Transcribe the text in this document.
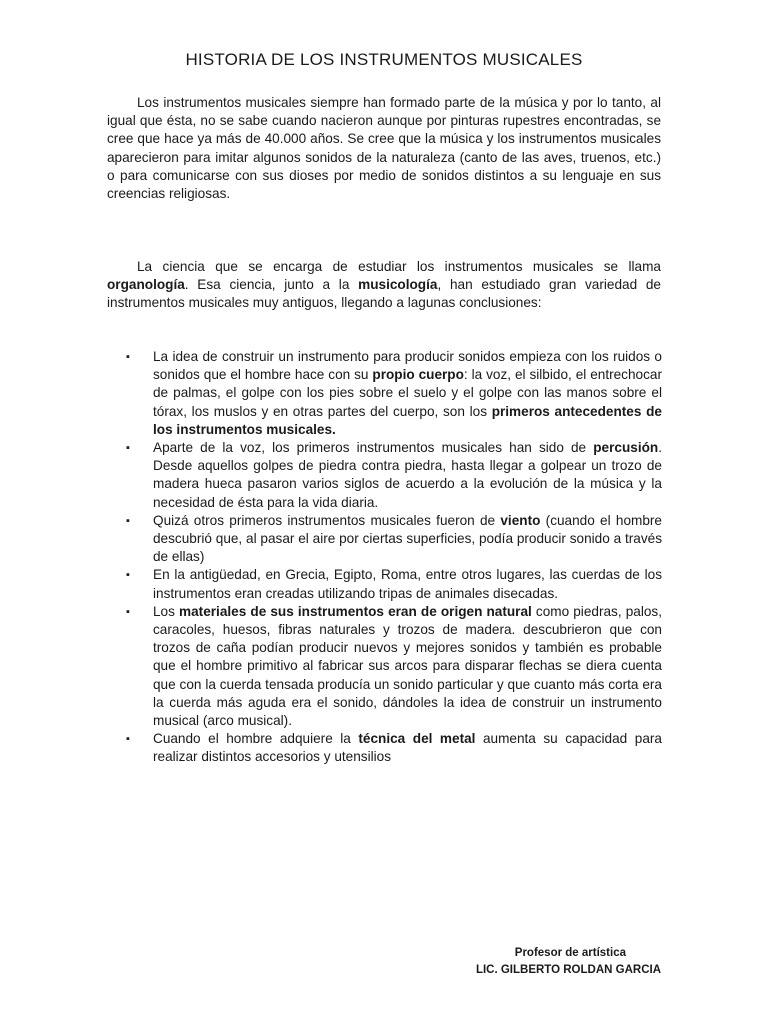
HISTORIA DE LOS INSTRUMENTOS MUSICALES

Los instrumentos musicales siempre han formado parte de la música y por lo tanto, al igual que ésta, no se sabe cuando nacieron aunque por pinturas rupestres encontradas, se cree que hace ya más de 40.000 años. Se cree que la música y los instrumentos musicales aparecieron para imitar algunos sonidos de la naturaleza (canto de las aves, truenos, etc.) o para comunicarse con sus dioses por medio de sonidos distintos a su lenguaje en sus creencias religiosas.

La ciencia que se encarga de estudiar los instrumentos musicales se llama organología. Esa ciencia, junto a la musicología, han estudiado gran variedad de instrumentos musicales muy antiguos, llegando a lagunas conclusiones:

▪ La idea de construir un instrumento para producir sonidos empieza con los ruidos o sonidos que el hombre hace con su propio cuerpo: la voz, el silbido, el entrechocar de palmas, el golpe con los pies sobre el suelo y el golpe con las manos sobre el tórax, los muslos y en otras partes del cuerpo, son los primeros antecedentes de los instrumentos musicales.
▪ Aparte de la voz, los primeros instrumentos musicales han sido de percusión. Desde aquellos golpes de piedra contra piedra, hasta llegar a golpear un trozo de madera hueca pasaron varios siglos de acuerdo a la evolución de la música y la necesidad de ésta para la vida diaria.
▪ Quizá otros primeros instrumentos musicales fueron de viento (cuando el hombre descubrió que, al pasar el aire por ciertas superficies, podía producir sonido a través de ellas)
▪ En la antigüedad, en Grecia, Egipto, Roma, entre otros lugares, las cuerdas de los instrumentos eran creadas utilizando tripas de animales disecadas.
▪ Los materiales de sus instrumentos eran de origen natural como piedras, palos, caracoles, huesos, fibras naturales y trozos de madera. descubrieron que con trozos de caña podían producir nuevos y mejores sonidos y también es probable que el hombre primitivo al fabricar sus arcos para disparar flechas se diera cuenta que con la cuerda tensada producía un sonido particular y que cuanto más corta era la cuerda más aguda era el sonido, dándoles la idea de construir un instrumento musical (arco musical).
▪ Cuando el hombre adquiere la técnica del metal aumenta su capacidad para realizar distintos accesorios y utensilios

Profesor de artística

LIC. GILBERTO ROLDAN GARCIA
